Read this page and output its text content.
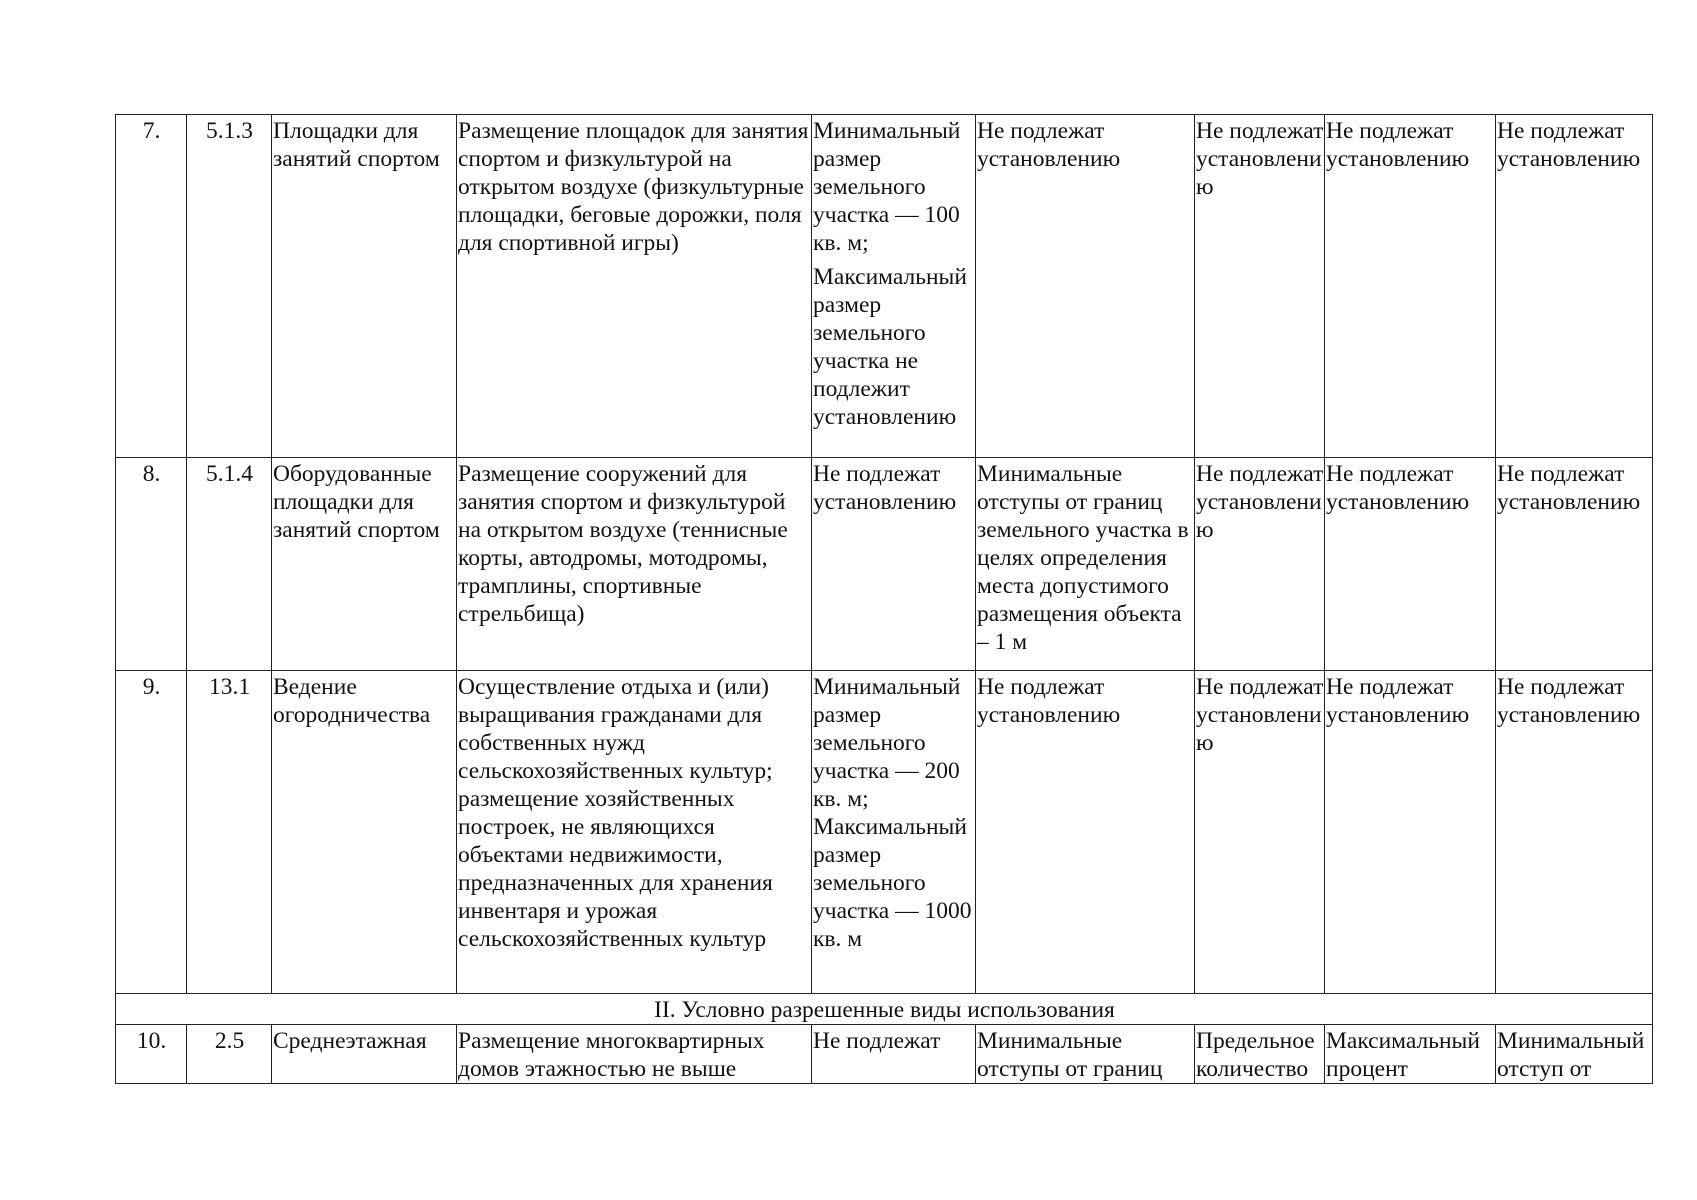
7.	5.1.3	Площадки для занятий спортом	Размещение площадок для занятия спортом и физкультурой на открытом воздухе (физкультурные площадки, беговые дорожки, поля для спортивной игры)	Минимальный размер земельного участка — 100 кв. м;
Максимальный размер земельного участка не подлежит установлению	Не подлежат установлению	Не подлежат установлению	Не подлежат установлению	Не подлежат установлению
8.	5.1.4	Оборудованные площадки для занятий спортом	Размещение сооружений для занятия спортом и физкультурой на открытом воздухе (теннисные корты, автодромы, мотодромы, трамплины, спортивные стрельбища)	Не подлежат установлению	Минимальные отступы от границ земельного участка в целях определения места допустимого размещения объекта – 1 м	Не подлежат установлению	Не подлежат установлению	Не подлежат установлению
9.	13.1	Ведение огородничества	Осуществление отдыха и (или) выращивания гражданами для собственных нужд сельскохозяйственных культур; размещение хозяйственных построек, не являющихся объектами недвижимости, предназначенных для хранения инвентаря и урожая сельскохозяйственных культур	Минимальный размер земельного участка — 200 кв. м; Максимальный размер земельного участка — 1000 кв. м	Не подлежат установлению	Не подлежат установлению	Не подлежат установлению	Не подлежат установлению
II. Условно разрешенные виды использования								
10.	2.5	Среднеэтажная	Размещение многоквартирных домов этажностью не выше	Не подлежат	Минимальные отступы от границ	Предельное количество	Максимальный процент	Минимальный отступ от
